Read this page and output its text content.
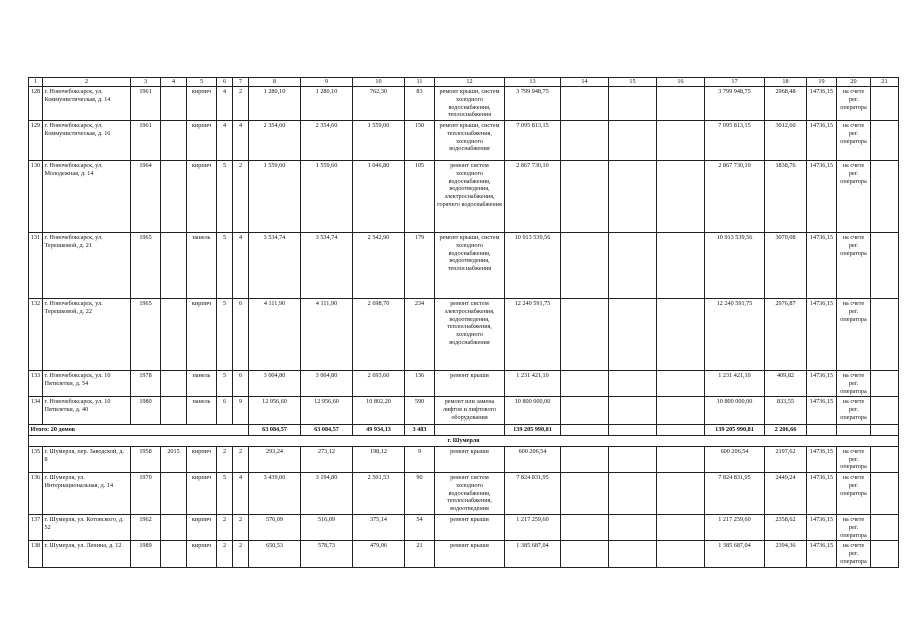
1	2	3	4	5	6	7	8	9	10	11	12	13	14	15	16	17	18	19	20	21
128	г. Новочебоксарск, ул. Коммунистическая, д. 14	1961		кирпич	4	2	1 280,10	1 280,10	762,30	83	ремонт крыши, систем холодного водоснабжения, теплоснабжения	3 799 948,75				3 799 948,75	2968,48	14736,15	на счете рег. оператора	
129	г. Новочебоксарск, ул. Коммунистическая, д. 16	1961		кирпич	4	4	2 354,60	2 354,60	1 559,00	150	ремонт крыши, систем теплоснабжения, холодного водоснабжения	7 095 813,15				7 095 813,15	3012,60	14736,15	на счете рег. оператора	
130	г. Новочебоксарск, ул. Молодежная, д. 14	1964		кирпич	5	2	1 559,60	1 559,60	1 046,80	105	ремонт систем холодного водоснабжения, водоотведения, электроснабжения, горячего водоснабжения	2 867 730,10				2 867 730,10	1838,76	14736,15	на счете рег. оператора	
131	г. Новочебоксарск, ул. Терешковой, д. 21	1965		панель	5	4	3 534,74	3 534,74	2 542,90	179	ремонт крыши, систем холодного водоснабжения, водоотведения, теплоснабжения	10 913 539,56				10 913 539,56	3070,08	14736,15	на счете рег. оператора	
132	г. Новочебоксарск, ул. Терешковой, д. 22	1965		кирпич	5	6	4 111,90	4 111,90	2 698,70	234	ремонт систем электроснабжения, водоотведения, теплоснабжения, холодного водоснабжения	12 240 591,75				12 240 591,75	2976,87	14736,15	на счете рег. оператора	
133	г. Новочебоксарск, ул. 10 Пятилетки, д. 54	1978		панель	5	6	3 004,80	3 004,80	2 693,60	136	ремонт крыши	1 231 421,10				1 231 421,10	409,82	14736,15	на счете рег. оператора	
134	г. Новочебоксарск, ул. 10 Пятилетки, д. 40	1980		панель	6	9	12 956,60	12 956,60	10 802,20	590	ремонт или замена лифтов и лифтового оборудования	10 800 000,00				10 800 000,00	833,55	14736,15	на счете рег. оператора	
Итого: 20 домов							63 084,57	63 084,57	49 934,13	3 483		139 205 990,81				139 205 990,81	2 206,66			
г. Шумерля																				
135	г. Шумерля, пер. Заводской, д. 8	1958	2015	кирпич	2	2	293,24	273,12	198,12	9	ремонт крыши	600 206,54				600 206,54	2197,62	14736,15	на счете рег. оператора	
136	г. Шумерля, ул. Интернациональная, д. 14	1970		кирпич	5	4	3 439,00	3 194,80	2 501,53	90	ремонт систем холодного водоснабжения, теплоснабжения, водоотведения	7 824 831,95				7 824 831,95	2449,24	14736,15	на счете рег. оператора	
137	г. Шумерля, ул. Котовского, д. 52	1962		кирпич	2	2	576,09	516,09	375,14	54	ремонт крыши	1 217 259,60				1 217 259,60	2358,62	14736,15	на счете рег. оператора	
138	г. Шумерля, ул. Ленина, д. 12	1989		кирпич	2	2	650,53	578,73	479,06	21	ремонт крыши	1 385 687,04				1 385 687,04	2394,36	14736,15	на счете рег. оператора	
